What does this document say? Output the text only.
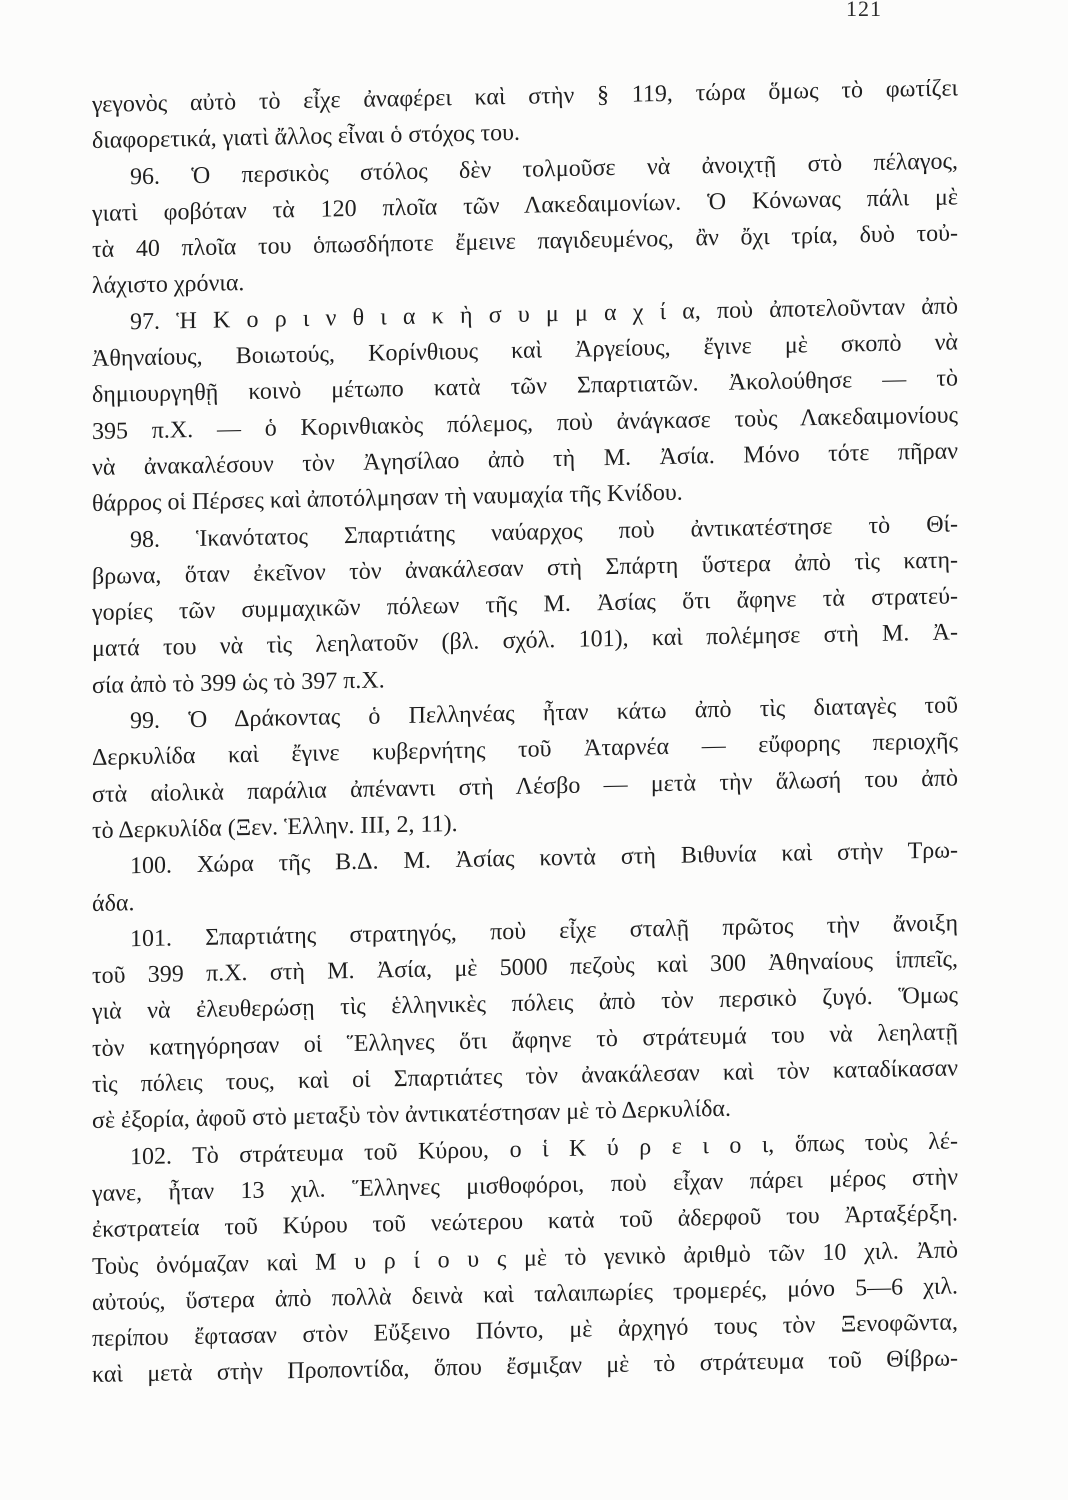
121
γεγονὸς αὐτὸ τὸ εἶχε ἀναφέρει καὶ στὴν § 119, τώρα ὅμως τὸ φωτίζει
διαφορετικά, γιατὶ ἄλλος εἶναι ὁ στόχος του.
96. Ὁ περσικὸς στόλος δὲν τολμοῦσε νὰ ἀνοιχτῇ στὸ πέλαγος,
γιατὶ φοβόταν τὰ 120 πλοῖα τῶν Λακεδαιμονίων. Ὁ Κόνωνας πάλι μὲ
τὰ 40 πλοῖα του ὁπωσδήποτε ἔμεινε παγιδευμένος, ἂν ὄχι τρία, δυὸ τοὐ-
λάχιστο χρόνια.
97. Ἡ Κ ο ρ ι ν θ ι α κ ὴ σ υ μ μ α χ ί α, ποὺ ἀποτελοῦνταν ἀπὸ
Ἀθηναίους, Βοιωτούς, Κορίνθιους καὶ Ἀργείους, ἔγινε μὲ σκοπὸ νὰ
δημιουργηθῇ κοινὸ μέτωπο κατὰ τῶν Σπαρτιατῶν. Ἀκολούθησε — τὸ
395 π.Χ. — ὁ Κορινθιακὸς πόλεμος, ποὺ ἀνάγκασε τοὺς Λακεδαιμονίους
νὰ ἀνακαλέσουν τὸν Ἀγησίλαο ἀπὸ τὴ Μ. Ἀσία. Μόνο τότε πῆραν
θάρρος οἱ Πέρσες καὶ ἀποτόλμησαν τὴ ναυμαχία τῆς Κνίδου.
98. Ἱκανότατος Σπαρτιάτης ναύαρχος ποὺ ἀντικατέστησε τὸ Θί-
βρωνα, ὅταν ἐκεῖνον τὸν ἀνακάλεσαν στὴ Σπάρτη ὕστερα ἀπὸ τὶς κατη-
γορίες τῶν συμμαχικῶν πόλεων τῆς Μ. Ἀσίας ὅτι ἄφηνε τὰ στρατεύ-
ματά του νὰ τὶς λεηλατοῦν (βλ. σχόλ. 101), καὶ πολέμησε στὴ Μ. Ἀ-
σία ἀπὸ τὸ 399 ὡς τὸ 397 π.Χ.
99. Ὁ Δράκοντας ὁ Πελληνέας ἦταν κάτω ἀπὸ τὶς διαταγὲς τοῦ
Δερκυλίδα καὶ ἔγινε κυβερνήτης τοῦ Ἀταρνέα — εὔφορης περιοχῆς
στὰ αἰολικὰ παράλια ἀπέναντι στὴ Λέσβο — μετὰ τὴν ἅλωσή του ἀπὸ
τὸ Δερκυλίδα (Ξεν. Ἑλλην. III, 2, 11).
100. Χώρα τῆς Β.Δ. Μ. Ἀσίας κοντὰ στὴ Βιθυνία καὶ στὴν Τρω-
άδα.
101. Σπαρτιάτης στρατηγός, ποὺ εἶχε σταλῇ πρῶτος τὴν ἄνοιξη
τοῦ 399 π.Χ. στὴ Μ. Ἀσία, μὲ 5000 πεζοὺς καὶ 300 Ἀθηναίους ἱππεῖς,
γιὰ νὰ ἐλευθερώσῃ τὶς ἑλληνικὲς πόλεις ἀπὸ τὸν περσικὸ ζυγό. Ὅμως
τὸν κατηγόρησαν οἱ Ἕλληνες ὅτι ἄφηνε τὸ στράτευμά του νὰ λεηλατῇ
τὶς πόλεις τους, καὶ οἱ Σπαρτιάτες τὸν ἀνακάλεσαν καὶ τὸν καταδίκασαν
σὲ ἐξορία, ἀφοῦ στὸ μεταξὺ τὸν ἀντικατέστησαν μὲ τὸ Δερκυλίδα.
102. Τὸ στράτευμα τοῦ Κύρου, ο ἱ Κ ύ ρ ε ι ο ι, ὅπως τοὺς λέ-
γανε, ἦταν 13 χιλ. Ἕλληνες μισθοφόροι, ποὺ εἶχαν πάρει μέρος στὴν
ἐκστρατεία τοῦ Κύρου τοῦ νεώτερου κατὰ τοῦ ἀδερφοῦ του Ἀρταξέρξη.
Τοὺς ὀνόμαζαν καὶ Μ υ ρ ί ο υ ς μὲ τὸ γενικὸ ἀριθμὸ τῶν 10 χιλ. Ἀπὸ
αὐτούς, ὕστερα ἀπὸ πολλὰ δεινὰ καὶ ταλαιπωρίες τρομερές, μόνο 5—6 χιλ.
περίπου ἔφτασαν στὸν Εὔξεινο Πόντο, μὲ ἀρχηγό τους τὸν Ξενοφῶντα,
καὶ μετὰ στὴν Προποντίδα, ὅπου ἔσμιξαν μὲ τὸ στράτευμα τοῦ Θίβρω-
